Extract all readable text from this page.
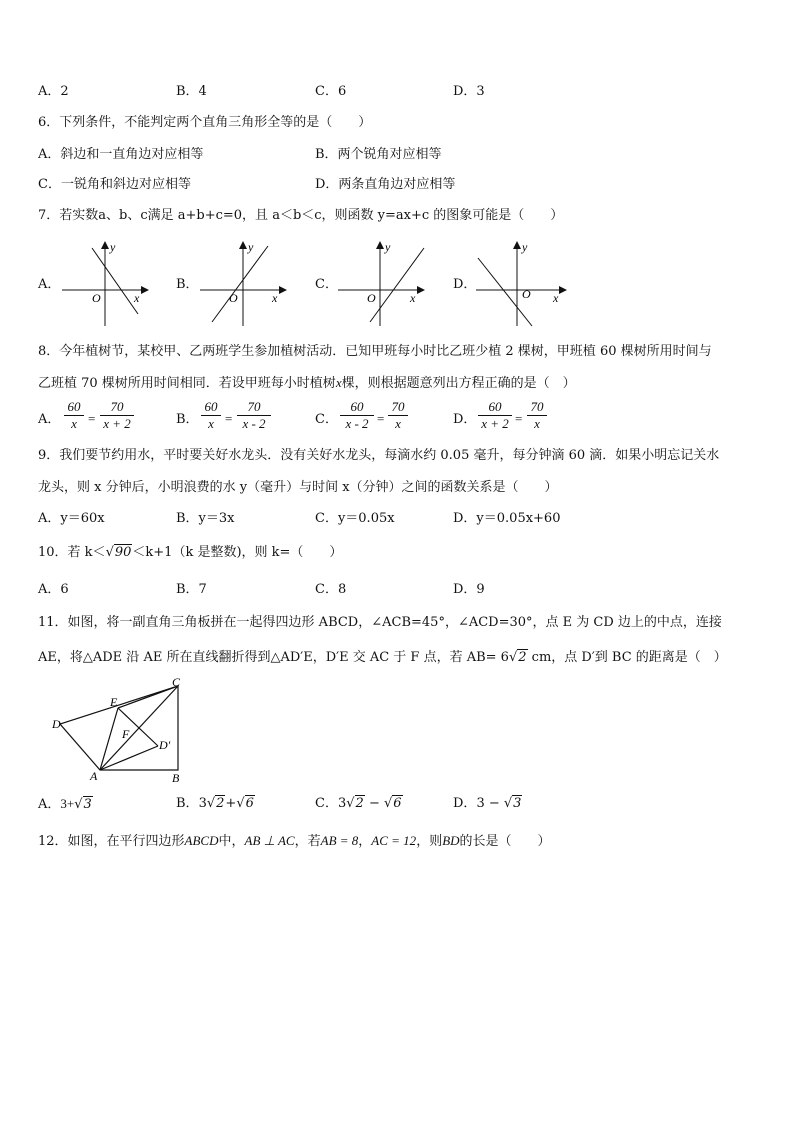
A．2	B．4	C．6	D．3
6．下列条件，不能判定两个直角三角形全等的是（　　）
A．斜边和一直角边对应相等	B．两个锐角对应相等
C．一锐角和斜边对应相等	D．两条直角边对应相等
7．若实数a、b、c满足 a+b+c=0，且 a＜b＜c，则函数 y=ax+c 的图象可能是（　　）
A．	B．	C．	D．
y
O	x
y
O	x
y
O	x
y
O x
8．今年植树节，某校甲、乙两班学生参加植树活动．已知甲班每小时比乙班少植 2 棵树，甲班植 60 棵树所用时间与
乙班植 70 棵树所用时间相同．若设甲班每小时植树x棵，则根据题意列出方程正确的是（　）
A．	B．	C．	D．
60
x =
70
x + 2
60
x =
70
x - 2
60
x - 2 =
70
x
60
x + 2 =
70
x
9．我们要节约用水，平时要关好水龙头．没有关好水龙头，每滴水约 0.05 毫升，每分钟滴 60 滴．如果小明忘记关水
龙头，则 x 分钟后，小明浪费的水 y（毫升）与时间 x（分钟）之间的函数关系是（　　）
A．y＝60x	B．y＝3x	C．y＝0.05x	D．y＝0.05x+60
10．若 k＜√90＜k+1（k 是整数)，则 k=（　　）
A．6	B．7	C．8	D．9
11．如图，将一副直角三角板拼在一起得四边形 ABCD，∠ACB=45°，∠ACD=30°，点 E 为 CD 边上的中点，连接
AE，将△ADE 沿 AE 所在直线翻折得到△AD′E，D′E 交 AC 于 F 点，若 AB= 6√2 cm，点 D′到 BC 的距离是（　）
C
D
E
F
D′
A	B
A．3+√3	B．3√2+√6	C．3√2 − √6	D．3 − √3
12．如图，在平行四边形ABCD中，AB ⊥ AC，若AB = 8，AC = 12，则BD的长是（　　）
